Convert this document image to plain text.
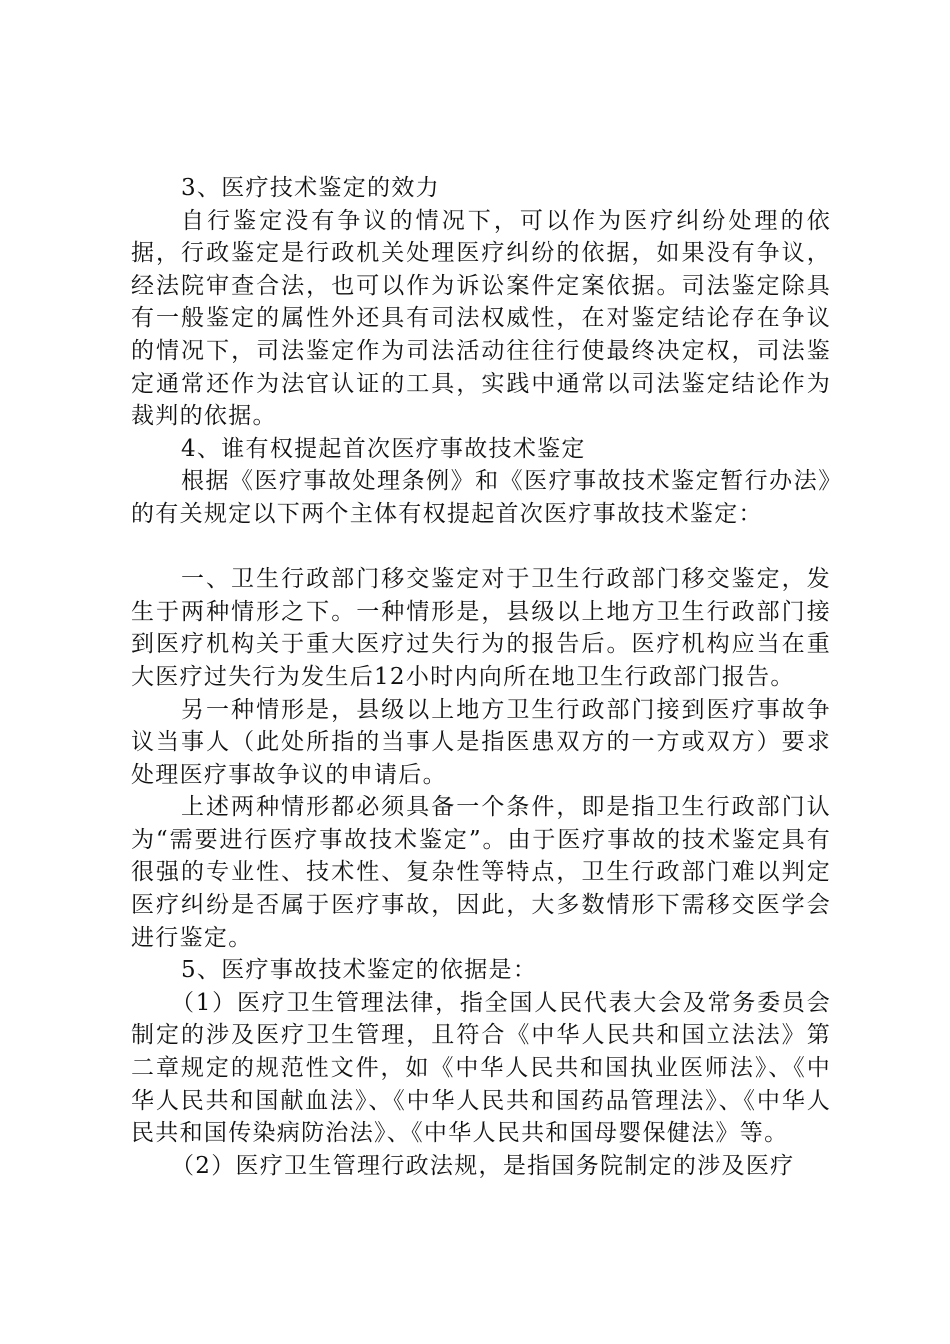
3、医疗技术鉴定的效力

自行鉴定没有争议的情况下，可以作为医疗纠纷处理的依据，行政鉴定是行政机关处理医疗纠纷的依据，如果没有争议，经法院审查合法，也可以作为诉讼案件定案依据。司法鉴定除具有一般鉴定的属性外还具有司法权威性，在对鉴定结论存在争议的情况下，司法鉴定作为司法活动往往行使最终决定权，司法鉴定通常还作为法官认证的工具，实践中通常以司法鉴定结论作为裁判的依据。

4、谁有权提起首次医疗事故技术鉴定

根据《医疗事故处理条例》和《医疗事故技术鉴定暂行办法》的有关规定以下两个主体有权提起首次医疗事故技术鉴定：

一、卫生行政部门移交鉴定对于卫生行政部门移交鉴定，发生于两种情形之下。一种情形是，县级以上地方卫生行政部门接到医疗机构关于重大医疗过失行为的报告后。医疗机构应当在重大医疗过失行为发生后12小时内向所在地卫生行政部门报告。

另一种情形是，县级以上地方卫生行政部门接到医疗事故争议当事人（此处所指的当事人是指医患双方的一方或双方）要求处理医疗事故争议的申请后。

上述两种情形都必须具备一个条件，即是指卫生行政部门认为“需要进行医疗事故技术鉴定”。由于医疗事故的技术鉴定具有很强的专业性、技术性、复杂性等特点，卫生行政部门难以判定医疗纠纷是否属于医疗事故，因此，大多数情形下需移交医学会进行鉴定。

5、医疗事故技术鉴定的依据是：

（1）医疗卫生管理法律，指全国人民代表大会及常务委员会制定的涉及医疗卫生管理，且符合《中华人民共和国立法法》第二章规定的规范性文件，如《中华人民共和国执业医师法》、《中华人民共和国献血法》、《中华人民共和国药品管理法》、《中华人民共和国传染病防治法》、《中华人民共和国母婴保健法》等。

（2）医疗卫生管理行政法规，是指国务院制定的涉及医疗
